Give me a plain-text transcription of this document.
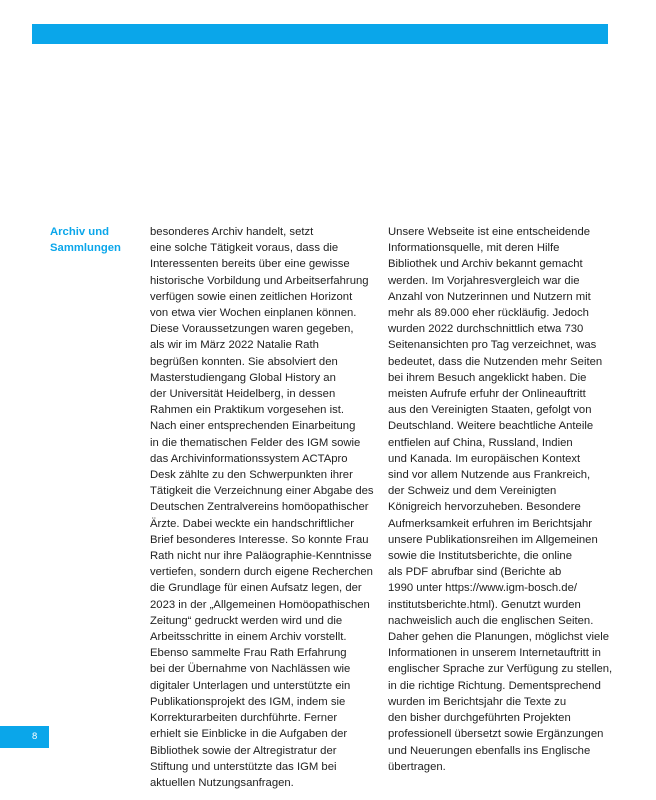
Archiv und
Sammlungen
besonderes Archiv handelt, setzt
eine solche Tätigkeit voraus, dass die
Interessenten bereits über eine gewisse
historische Vorbildung und Arbeitserfahrung
verfügen sowie einen zeitlichen Horizont
von etwa vier Wochen einplanen können.
Diese Voraussetzungen waren gegeben,
als wir im März 2022 Natalie Rath
begrüßen konnten. Sie absolviert den
Masterstudiengang Global History an
der Universität Heidelberg, in dessen
Rahmen ein Praktikum vorgesehen ist.
Nach einer entsprechenden Einarbeitung
in die thematischen Felder des IGM sowie
das Archivinformationssystem ACTApro
Desk zählte zu den Schwerpunkten ihrer
Tätigkeit die Verzeichnung einer Abgabe des
Deutschen Zentralvereins homöopathischer
Ärzte. Dabei weckte ein handschriftlicher
Brief besonderes Interesse. So konnte Frau
Rath nicht nur ihre Paläographie-Kenntnisse
vertiefen, sondern durch eigene Recherchen
die Grundlage für einen Aufsatz legen, der
2023 in der „Allgemeinen Homöopathischen
Zeitung“ gedruckt werden wird und die
Arbeitsschritte in einem Archiv vorstellt.
Ebenso sammelte Frau Rath Erfahrung
bei der Übernahme von Nachlässen wie
digitaler Unterlagen und unterstützte ein
Publikationsprojekt des IGM, indem sie
Korrekturarbeiten durchführte. Ferner
erhielt sie Einblicke in die Aufgaben der
Bibliothek sowie der Altregistratur der
Stiftung und unterstützte das IGM bei
aktuellen Nutzungsanfragen.
Unsere Webseite ist eine entscheidende
Informationsquelle, mit deren Hilfe
Bibliothek und Archiv bekannt gemacht
werden. Im Vorjahresvergleich war die
Anzahl von Nutzerinnen und Nutzern mit
mehr als 89.000 eher rückläufig. Jedoch
wurden 2022 durchschnittlich etwa 730
Seitenansichten pro Tag verzeichnet, was
bedeutet, dass die Nutzenden mehr Seiten
bei ihrem Besuch angeklickt haben. Die
meisten Aufrufe erfuhr der Onlineauftritt
aus den Vereinigten Staaten, gefolgt von
Deutschland. Weitere beachtliche Anteile
entfielen auf China, Russland, Indien
und Kanada. Im europäischen Kontext
sind vor allem Nutzende aus Frankreich,
der Schweiz und dem Vereinigten
Königreich hervorzuheben. Besondere
Aufmerksamkeit erfuhren im Berichtsjahr
unsere Publikationsreihen im Allgemeinen
sowie die Institutsberichte, die online
als PDF abrufbar sind (Berichte ab
1990 unter https://www.igm-bosch.de/
institutsberichte.html). Genutzt wurden
nachweislich auch die englischen Seiten.
Daher gehen die Planungen, möglichst viele
Informationen in unserem Internetauftritt in
englischer Sprache zur Verfügung zu stellen,
in die richtige Richtung. Dementsprechend
wurden im Berichtsjahr die Texte zu
den bisher durchgeführten Projekten
professionell übersetzt sowie Ergänzungen
und Neuerungen ebenfalls ins Englische
übertragen.
8
